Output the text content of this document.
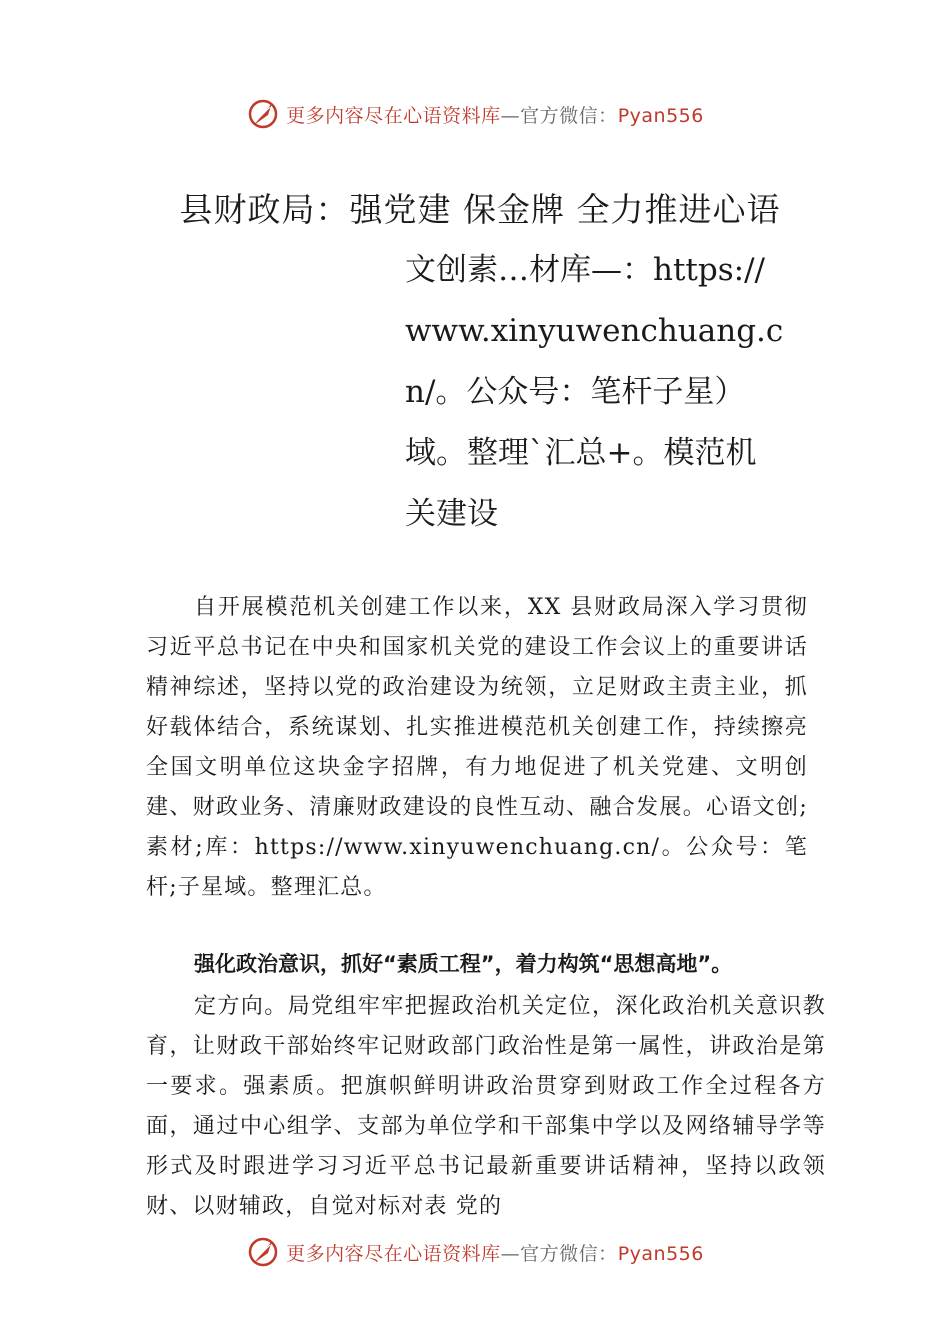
更多内容尽在心语资料库—官方微信：Pyan556
县财政局：强党建 保金牌 全力推进心语
文创素…材库—：https://www.xinyuwenchuang.cn/。公众号：笔杆子星）域。整理`汇总+。模范机关建设

自开展模范机关创建工作以来，XX 县财政局深入学习贯彻习近平总书记在中央和国家机关党的建设工作会议上的重要讲话精神综述，坚持以党的政治建设为统领，立足财政主责主业，抓好载体结合，系统谋划、扎实推进模范机关创建工作，持续擦亮全国文明单位这块金字招牌，有力地促进了机关党建、文明创建、财政业务、清廉财政建设的良性互动、融合发展。心语文创;素材;库：https://www.xinyuwenchuang.cn/。公众号：笔杆;子星域。整理汇总。

强化政治意识，抓好“素质工程”，着力构筑“思想高地”。

定方向。局党组牢牢把握政治机关定位，深化政治机关意识教育，让财政干部始终牢记财政部门政治性是第一属性，讲政治是第一要求。强素质。把旗帜鲜明讲政治贯穿到财政工作全过程各方面，通过中心组学、支部为单位学和干部集中学以及网络辅导学等形式及时跟进学习习近平总书记最新重要讲话精神，坚持以政领财、以财辅政，自觉对标对表 党的

更多内容尽在心语资料库—官方微信：Pyan556
